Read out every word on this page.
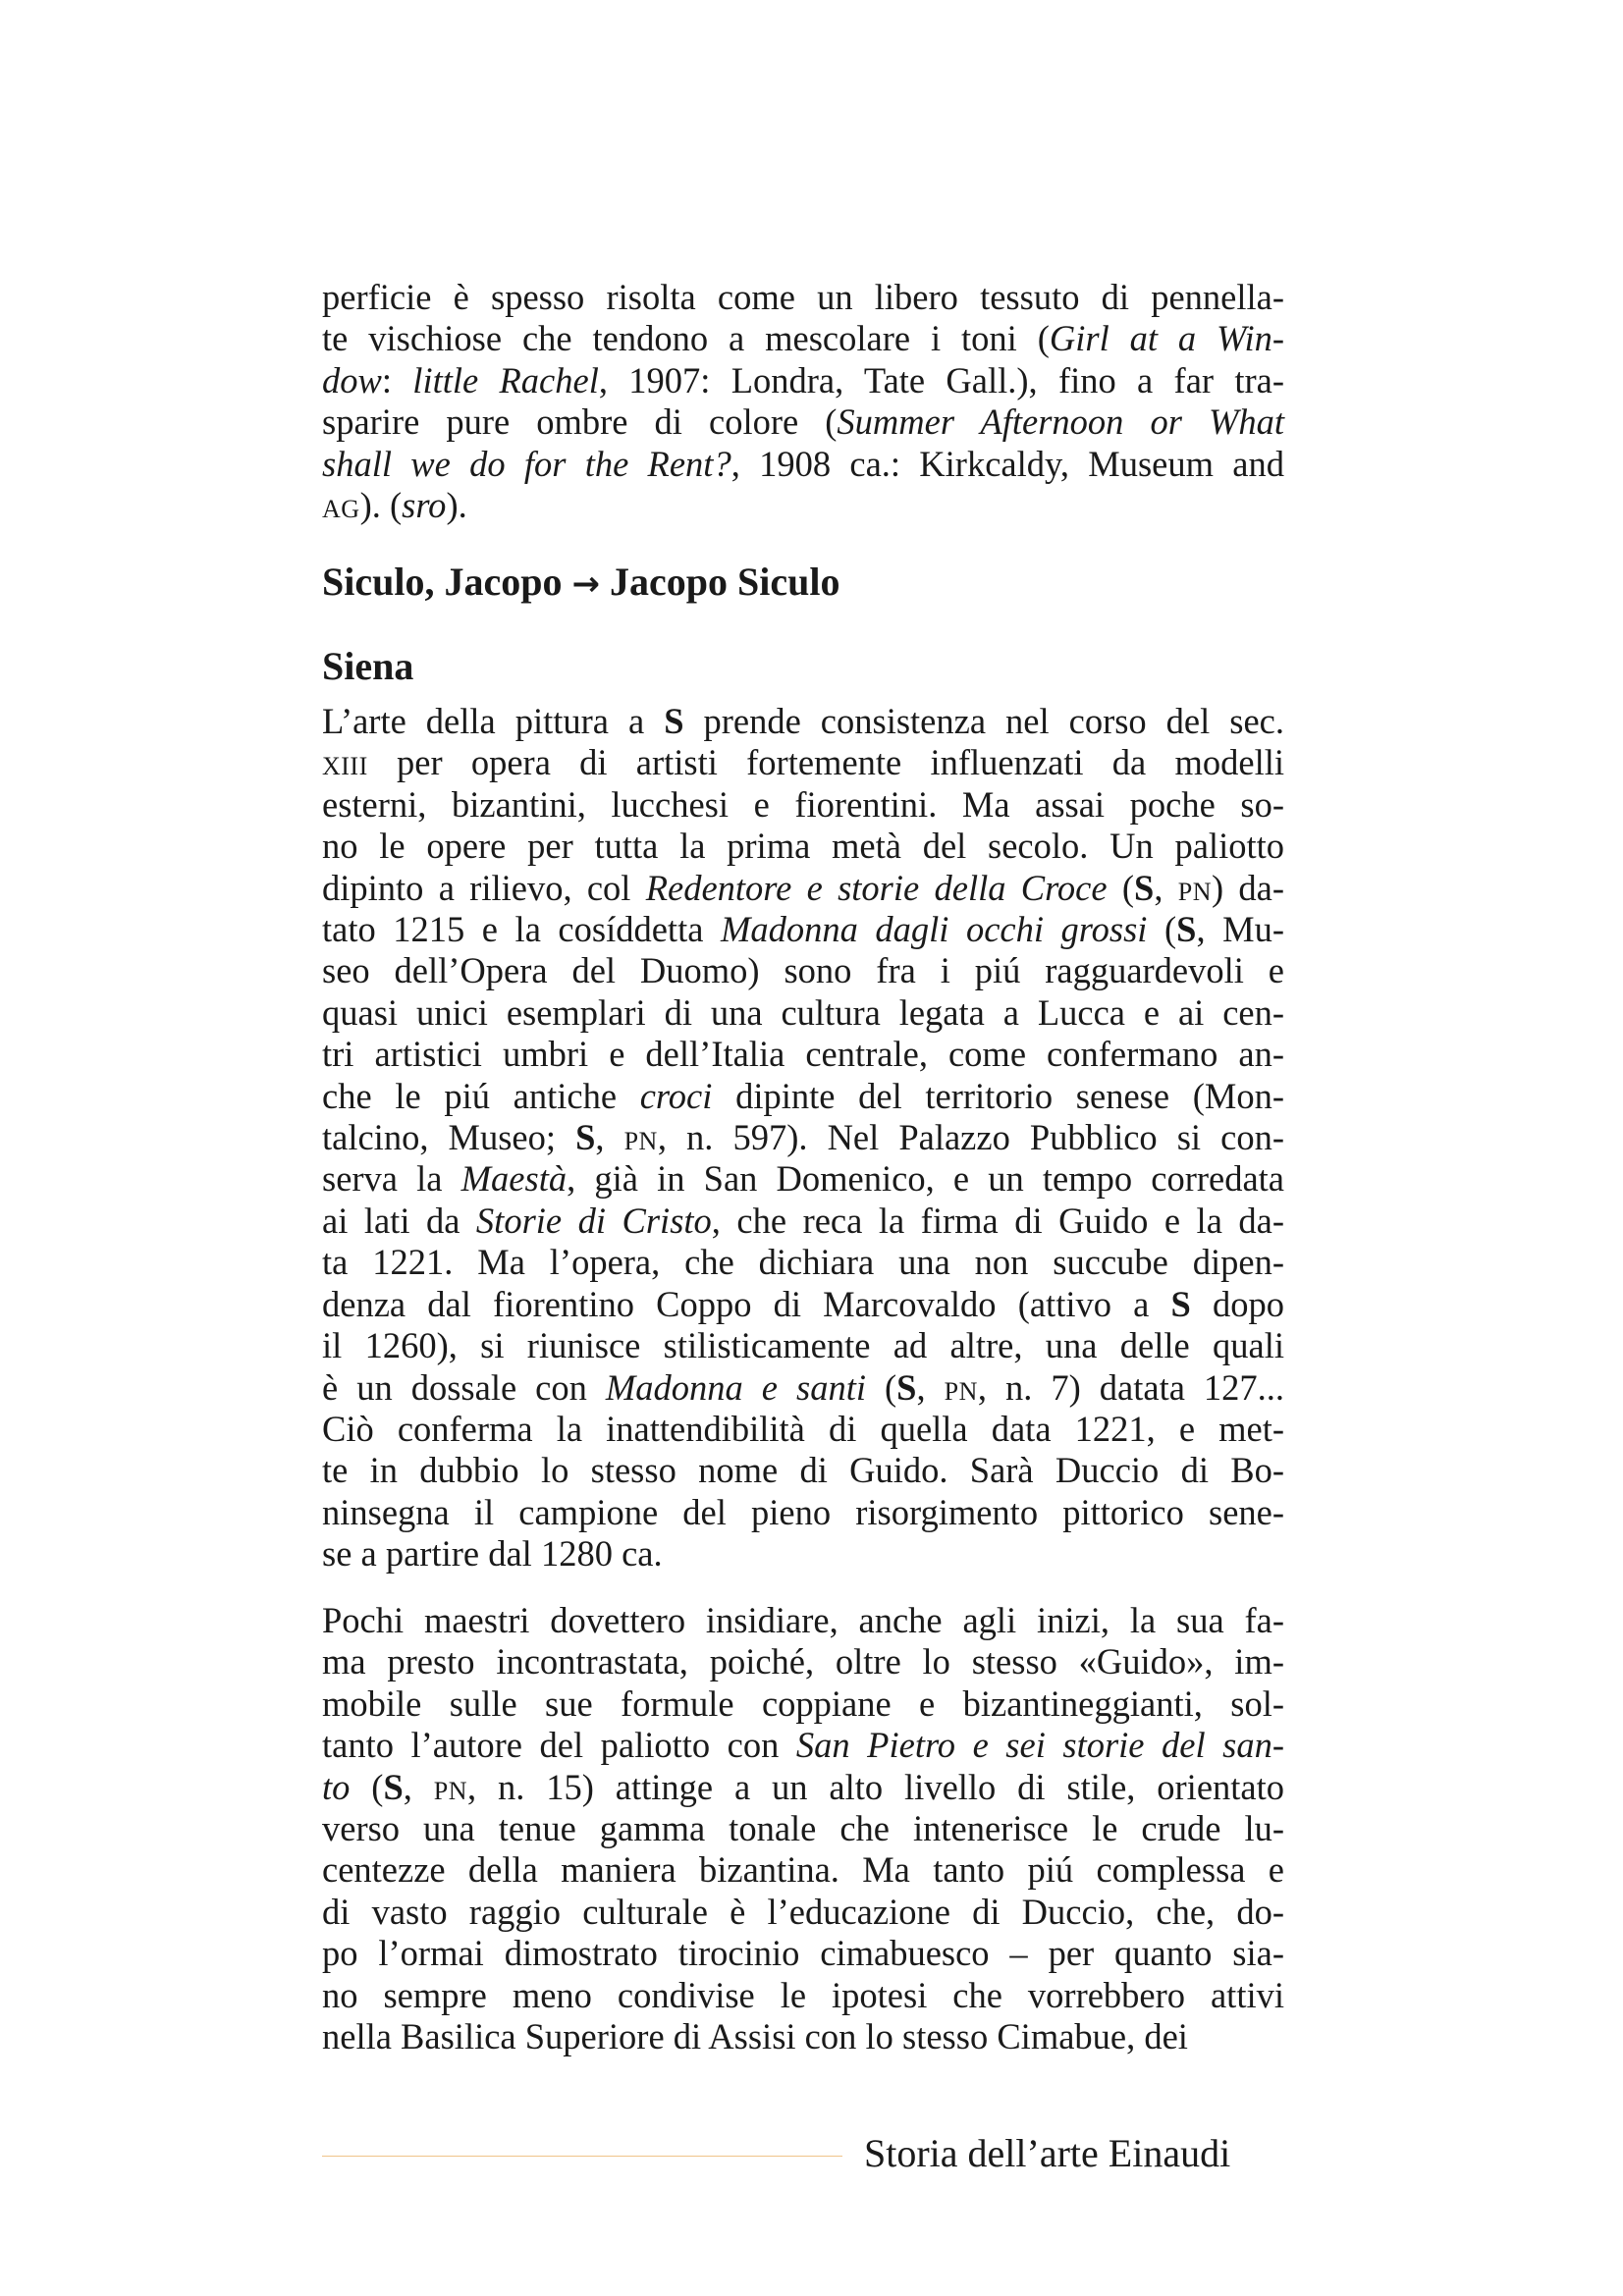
perficie è spesso risolta come un libero tessuto di pennella-
te vischiose che tendono a mescolare i toni (Girl at a Win-
dow: little Rachel, 1907: Londra, Tate Gall.), fino a far tra-
sparire pure ombre di colore (Summer Afternoon or What
shall we do for the Rent?, 1908 ca.: Kirkcaldy, Museum and
ag). (sro).
Siculo, Jacopo → Jacopo Siculo
Siena
L’arte della pittura a S prende consistenza nel corso del sec.
xiii per opera di artisti fortemente influenzati da modelli
esterni, bizantini, lucchesi e fiorentini. Ma assai poche so-
no le opere per tutta la prima metà del secolo. Un paliotto
dipinto a rilievo, col Redentore e storie della Croce (S, pn) da-
tato 1215 e la cosíddetta Madonna dagli occhi grossi (S, Mu-
seo dell’Opera del Duomo) sono fra i piú ragguardevoli e
quasi unici esemplari di una cultura legata a Lucca e ai cen-
tri artistici umbri e dell’Italia centrale, come confermano an-
che le piú antiche croci dipinte del territorio senese (Mon-
talcino, Museo; S, pn, n. 597). Nel Palazzo Pubblico si con-
serva la Maestà, già in San Domenico, e un tempo corredata
ai lati da Storie di Cristo, che reca la firma di Guido e la da-
ta 1221. Ma l’opera, che dichiara una non succube dipen-
denza dal fiorentino Coppo di Marcovaldo (attivo a S dopo
il 1260), si riunisce stilisticamente ad altre, una delle quali
è un dossale con Madonna e santi (S, pn, n. 7) datata 127...
Ciò conferma la inattendibilità di quella data 1221, e met-
te in dubbio lo stesso nome di Guido. Sarà Duccio di Bo-
ninsegna il campione del pieno risorgimento pittorico sene-
se a partire dal 1280 ca.
Pochi maestri dovettero insidiare, anche agli inizi, la sua fa-
ma presto incontrastata, poiché, oltre lo stesso «Guido», im-
mobile sulle sue formule coppiane e bizantineggianti, sol-
tanto l’autore del paliotto con San Pietro e sei storie del san-
to (S, pn, n. 15) attinge a un alto livello di stile, orientato
verso una tenue gamma tonale che intenerisce le crude lu-
centezze della maniera bizantina. Ma tanto piú complessa e
di vasto raggio culturale è l’educazione di Duccio, che, do-
po l’ormai dimostrato tirocinio cimabuesco – per quanto sia-
no sempre meno condivise le ipotesi che vorrebbero attivi
nella Basilica Superiore di Assisi con lo stesso Cimabue, dei
Storia dell’arte Einaudi
